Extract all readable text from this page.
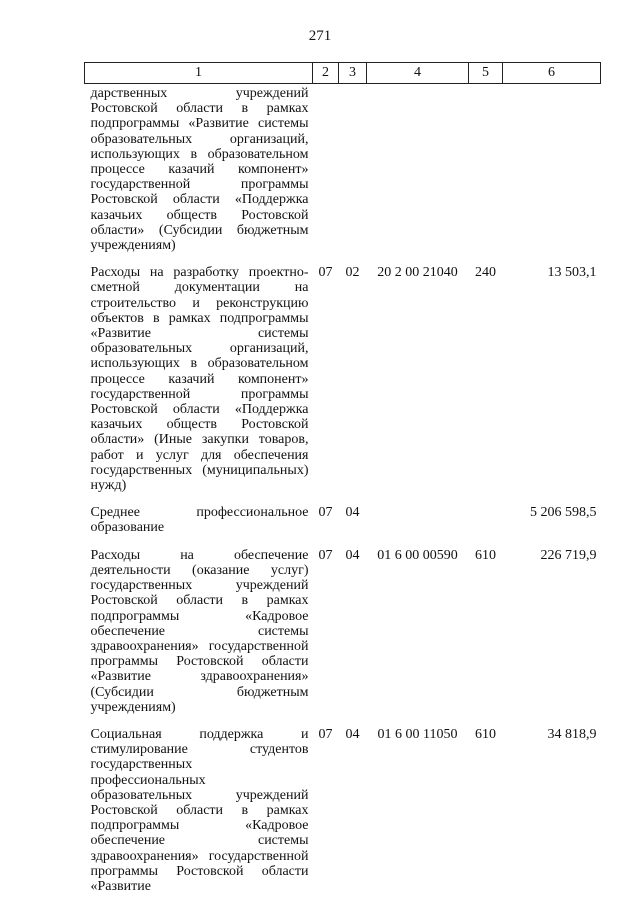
271
1	2	3	4	5	6
дарственных учреждений Ростовской области в рамках подпрограммы «Развитие системы образовательных организаций, использующих в образовательном процессе казачий компонент» государственной программы Ростовской области «Поддержка казачьих обществ Ростовской области» (Субсидии бюджетным учреждениям)					
Расходы на разработку проектно-сметной документации на строительство и реконструкцию объектов в рамках подпрограммы «Развитие системы образовательных организаций, использующих в образовательном процессе казачий компонент» государственной программы Ростовской области «Поддержка казачьих обществ Ростовской области» (Иные закупки товаров, работ и услуг для обеспечения государственных (муниципальных) нужд)	07	02	20 2 00 21040	240	13 503,1
Среднее профессиональное образование	07	04			5 206 598,5
Расходы на обеспечение деятельности (оказание услуг) государственных учреждений Ростовской области в рамках подпрограммы «Кадровое обеспечение системы здравоохранения» государственной программы Ростовской области «Развитие здравоохранения» (Субсидии бюджетным учреждениям)	07	04	01 6 00 00590	610	226 719,9
Социальная поддержка и стимулирование студентов государственных профессиональных образовательных учреждений Ростовской области в рамках подпрограммы «Кадровое обеспечение системы здравоохранения» государственной программы Ростовской области «Развитие	07	04	01 6 00 11050	610	34 818,9
